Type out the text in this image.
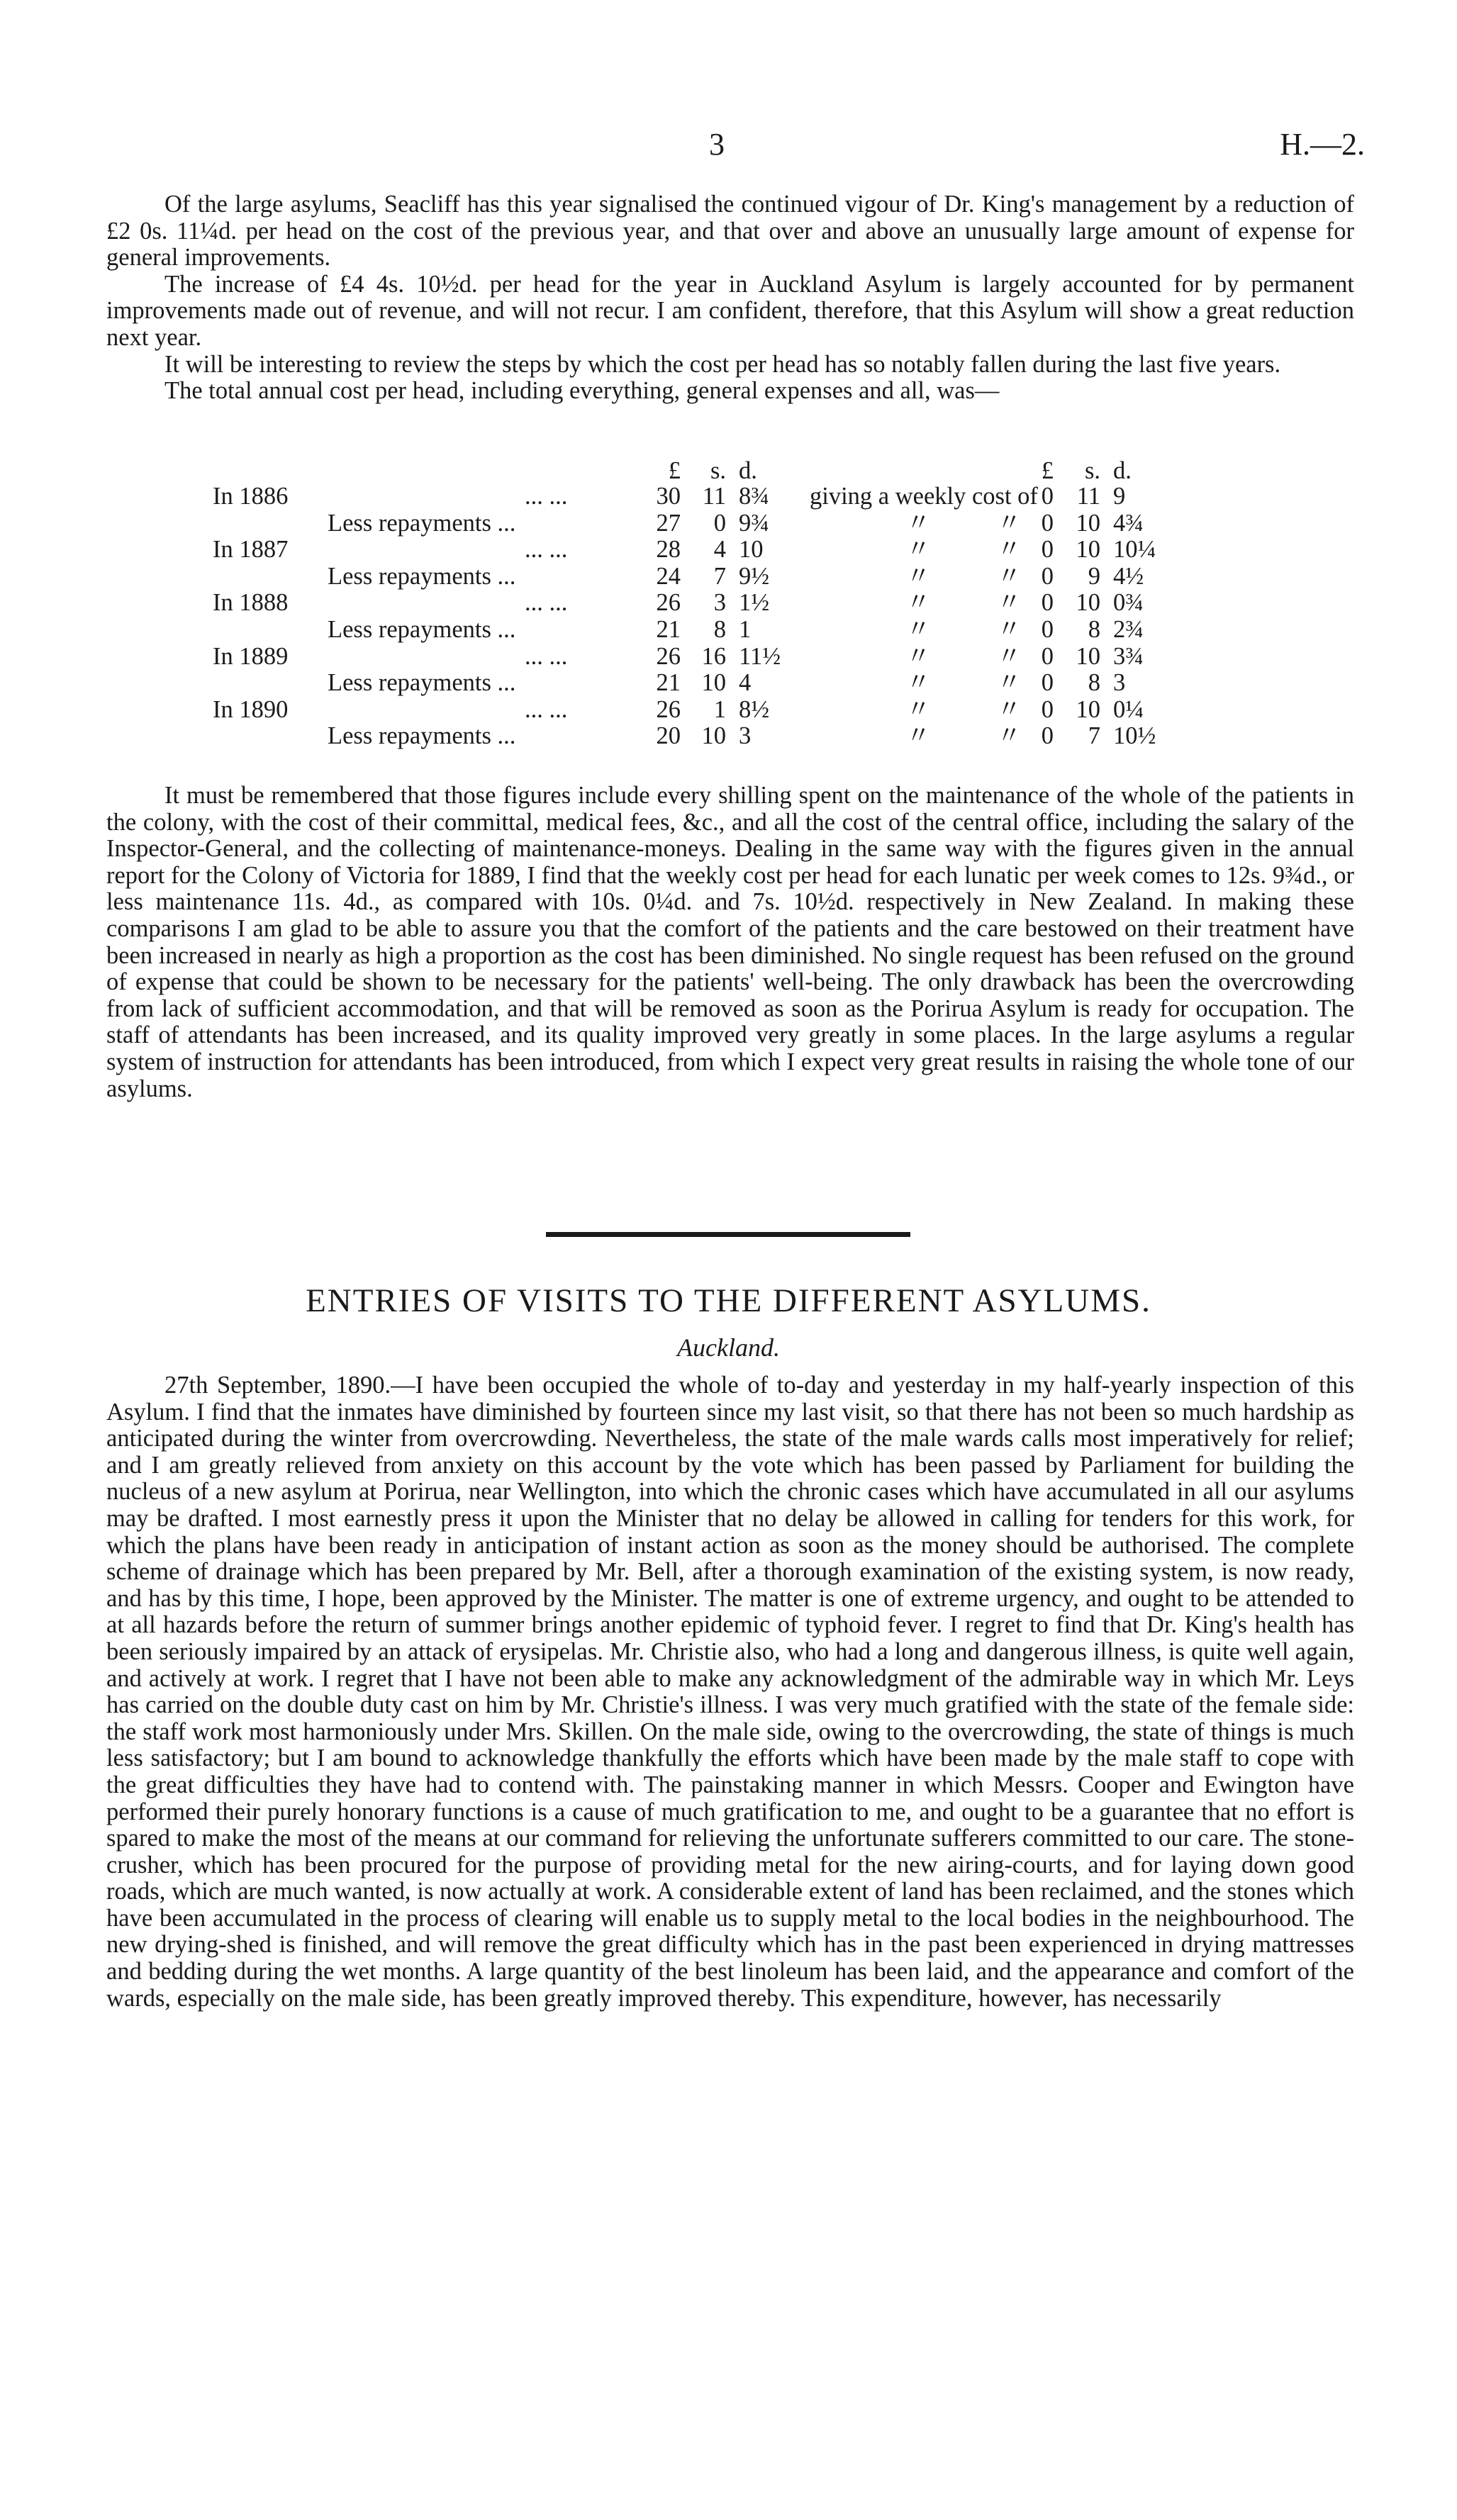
3	H.—2.

Of the large asylums, Seacliff has this year signalised the continued vigour of Dr. King's management by a reduction of £2 0s. 11¼d. per head on the cost of the previous year, and that over and above an unusually large amount of expense for general improvements.

The increase of £4 4s. 10½d. per head for the year in Auckland Asylum is largely accounted for by permanent improvements made out of revenue, and will not recur. I am confident, therefore, that this Asylum will show a great reduction next year.

It will be interesting to review the steps by which the cost per head has so notably fallen during the last five years.

The total annual cost per head, including everything, general expenses and all, was—

£	s. d.	£	s. d.
In 1886	... ...	30 11 8¾ giving a weekly cost of 0 11 9
Less repayments ...	27	0 9¾	〃	〃 0 10 4¾
In 1887	... ...	28	4 10	〃	〃 0 10 10¼
Less repayments ...	24	7 9½	〃	〃 0	9 4½
In 1888	... ...	26	3 1½	〃	〃 0 10 0¾
Less repayments ...	21	8 1	〃	〃 0	8 2¾
In 1889	... ...	26 16 11½	〃	〃 0 10 3¾
Less repayments ...	21 10 4	〃	〃 0	8 3
In 1890	... ...	26	1 8½	〃	〃 0 10 0¼
Less repayments ...	20 10 3	〃	〃 0	7 10½

It must be remembered that those figures include every shilling spent on the maintenance of the whole of the patients in the colony, with the cost of their committal, medical fees, &c., and all the cost of the central office, including the salary of the Inspector-General, and the collecting of maintenance-moneys. Dealing in the same way with the figures given in the annual report for the Colony of Victoria for 1889, I find that the weekly cost per head for each lunatic per week comes to 12s. 9¾d., or less maintenance 11s. 4d., as compared with 10s. 0¼d. and 7s. 10½d. respectively in New Zealand. In making these comparisons I am glad to be able to assure you that the comfort of the patients and the care bestowed on their treatment have been increased in nearly as high a proportion as the cost has been diminished. No single request has been refused on the ground of expense that could be shown to be necessary for the patients' well-being. The only drawback has been the overcrowding from lack of sufficient accommodation, and that will be removed as soon as the Porirua Asylum is ready for occupation. The staff of attendants has been increased, and its quality improved very greatly in some places. In the large asylums a regular system of instruction for attendants has been introduced, from which I expect very great results in raising the whole tone of our asylums.

ENTRIES OF VISITS TO THE DIFFERENT ASYLUMS.
Auckland.

27th September, 1890.—I have been occupied the whole of to-day and yesterday in my half-yearly inspection of this Asylum. I find that the inmates have diminished by fourteen since my last visit, so that there has not been so much hardship as anticipated during the winter from overcrowding. Nevertheless, the state of the male wards calls most imperatively for relief; and I am greatly relieved from anxiety on this account by the vote which has been passed by Parliament for building the nucleus of a new asylum at Porirua, near Wellington, into which the chronic cases which have accumulated in all our asylums may be drafted. I most earnestly press it upon the Minister that no delay be allowed in calling for tenders for this work, for which the plans have been ready in anticipation of instant action as soon as the money should be authorised. The complete scheme of drainage which has been prepared by Mr. Bell, after a thorough examination of the existing system, is now ready, and has by this time, I hope, been approved by the Minister. The matter is one of extreme urgency, and ought to be attended to at all hazards before the return of summer brings another epidemic of typhoid fever. I regret to find that Dr. King's health has been seriously impaired by an attack of erysipelas. Mr. Christie also, who had a long and dangerous illness, is quite well again, and actively at work. I regret that I have not been able to make any acknowledgment of the admirable way in which Mr. Leys has carried on the double duty cast on him by Mr. Christie's illness. I was very much gratified with the state of the female side: the staff work most harmoniously under Mrs. Skillen. On the male side, owing to the overcrowding, the state of things is much less satisfactory; but I am bound to acknowledge thankfully the efforts which have been made by the male staff to cope with the great difficulties they have had to contend with. The painstaking manner in which Messrs. Cooper and Ewington have performed their purely honorary functions is a cause of much gratification to me, and ought to be a guarantee that no effort is spared to make the most of the means at our command for relieving the unfortunate sufferers committed to our care. The stone-crusher, which has been procured for the purpose of providing metal for the new airing-courts, and for laying down good roads, which are much wanted, is now actually at work. A considerable extent of land has been reclaimed, and the stones which have been accumulated in the process of clearing will enable us to supply metal to the local bodies in the neighbourhood. The new drying-shed is finished, and will remove the great difficulty which has in the past been experienced in drying mattresses and bedding during the wet months. A large quantity of the best linoleum has been laid, and the appearance and comfort of the wards, especially on the male side, has been greatly improved thereby. This expenditure, however, has necessarily
